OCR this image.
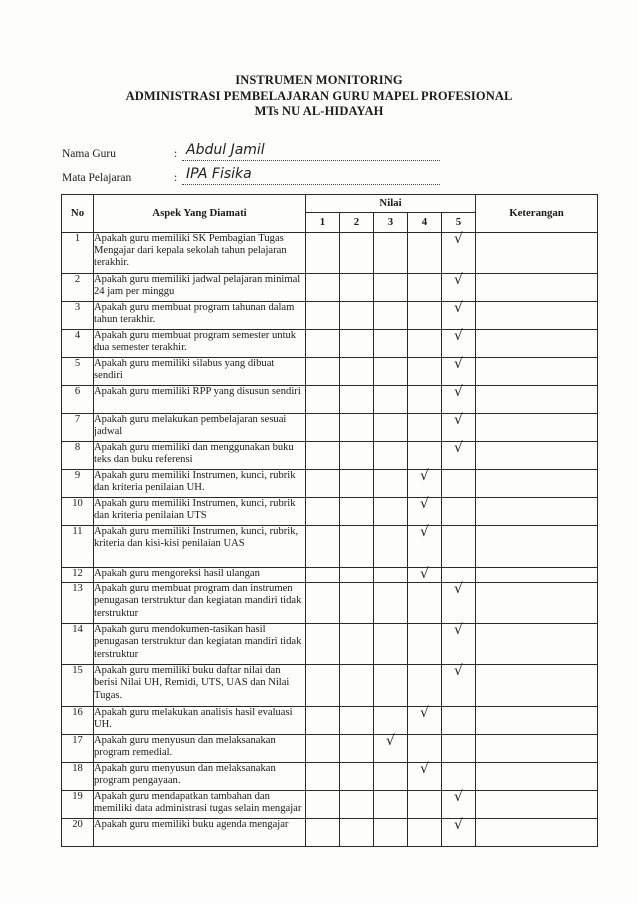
INSTRUMEN MONITORING
ADMINISTRASI PEMBELAJARAN GURU MAPEL PROFESIONAL
MTs NU AL-HIDAYAH
Nama Guru	: Abdul Jamil
Mata Pelajaran	: IPA Fisika
No	Aspek Yang Diamati	Nilai					Keterangan
		1	2	3	4	5	
1	Apakah guru memiliki SK Pembagian Tugas Mengajar dari kepala sekolah tahun pelajaran terakhir.					√	
2	Apakah guru memiliki jadwal pelajaran minimal 24 jam per minggu					√	
3	Apakah guru membuat program tahunan dalam tahun terakhir.					√	
4	Apakah guru membuat program semester untuk dua semester terakhir.					√	
5	Apakah guru memiliki silabus yang dibuat sendiri					√	
6	Apakah guru memiliki RPP yang disusun sendiri					√	
7	Apakah guru melakukan pembelajaran sesuai jadwal					√	
8	Apakah guru memiliki dan menggunakan buku teks dan buku referensi					√	
9	Apakah guru memiliki Instrumen, kunci, rubrik dan kriteria penilaian UH.				√		
10	Apakah guru memiliki Instrumen, kunci, rubrik dan kriteria penilaian UTS				√		
11	Apakah guru memiliki Instrumen, kunci, rubrik, kriteria dan kisi-kisi penilaian UAS				√		
12	Apakah guru mengoreksi hasil ulangan				√		
13	Apakah guru membuat program dan instrumen penugasan terstruktur dan kegiatan mandiri tidak terstruktur					√	
14	Apakah guru mendokumen-tasikan hasil penugasan terstruktur dan kegiatan mandiri tidak terstruktur					√	
15	Apakah guru memiliki buku daftar nilai dan berisi Nilai UH, Remidi, UTS, UAS dan Nilai Tugas.					√	
16	Apakah guru melakukan analisis hasil evaluasi UH.				√		
17	Apakah guru menyusun dan melaksanakan program remedial.			√			
18	Apakah guru menyusun dan melaksanakan program pengayaan.				√		
19	Apakah guru mendapatkan tambahan dan memiliki data administrasi tugas selain mengajar					√	
20	Apakah guru memiliki buku agenda mengajar					√	
